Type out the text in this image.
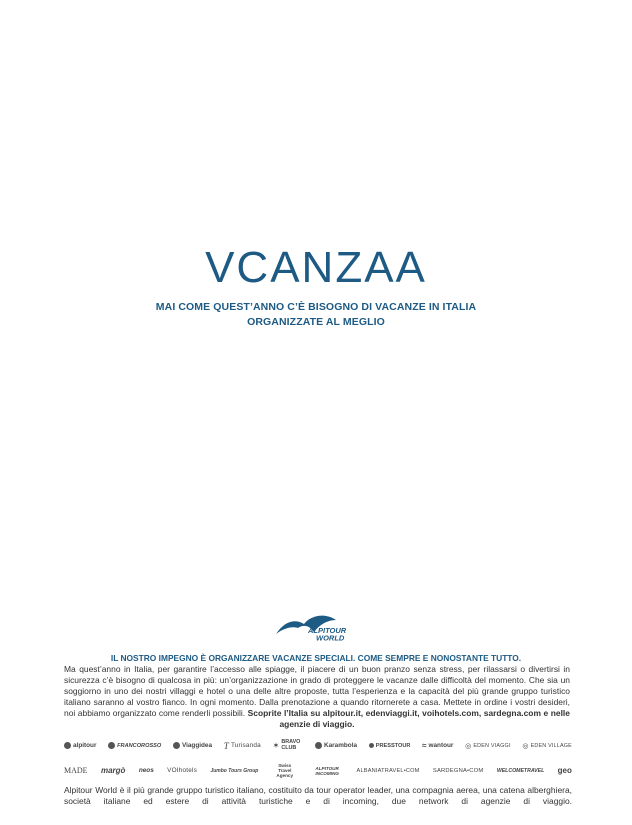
VCANZAA
MAI COME QUEST’ANNO C’È BISOGNO DI VACANZE IN ITALIA
ORGANIZZATE AL MEGLIO
ALPITOUR
WORLD
IL NOSTRO IMPEGNO È ORGANIZZARE VACANZE SPECIALI. COME SEMPRE E NONOSTANTE TUTTO.
Ma quest’anno in Italia, per garantire l’accesso alle spiagge, il piacere di un buon pranzo senza stress, per rilassarsi o divertirsi in sicurezza c’è bisogno di qualcosa in più: un’organizzazione in grado di proteggere le vacanze dalle difficoltà del momento. Che sia un soggiorno in uno dei nostri villaggi e hotel o una delle altre proposte, tutta l’esperienza e la capacità del più grande gruppo turistico italiano saranno al vostro fianco. In ogni momento. Dalla prenotazione a quando ritornerete a casa. Mettete in ordine i vostri desideri, noi abbiamo organizzato come renderli possibili. Scoprite l’Italia su alpitour.it, edenviaggi.it, voihotels.com, sardegna.com e nelle agenzie di viaggio.
alpitour	FRANCOROSSO	Viaggidea T Turisanda ✶ BRAVO CLUB	Karambola	PRESSTOUR ≈ wantour ◎ EDEN VIAGGI ◎ EDEN VILLAGE
MADE margò neos VOIhotels	Jumbo Tours Group
Swiss Travel Agency
ALPITOUR INCOMING	ALBANIATRAVEL•COM SARDEGNA•COM	WELCOMETRAVEL geo
Alpitour World è il più grande gruppo turistico italiano, costituito da tour operator leader, una compagnia aerea, una catena alberghiera, società italiane ed estere di attività turistiche e di incoming, due network di agenzie di viaggio.
